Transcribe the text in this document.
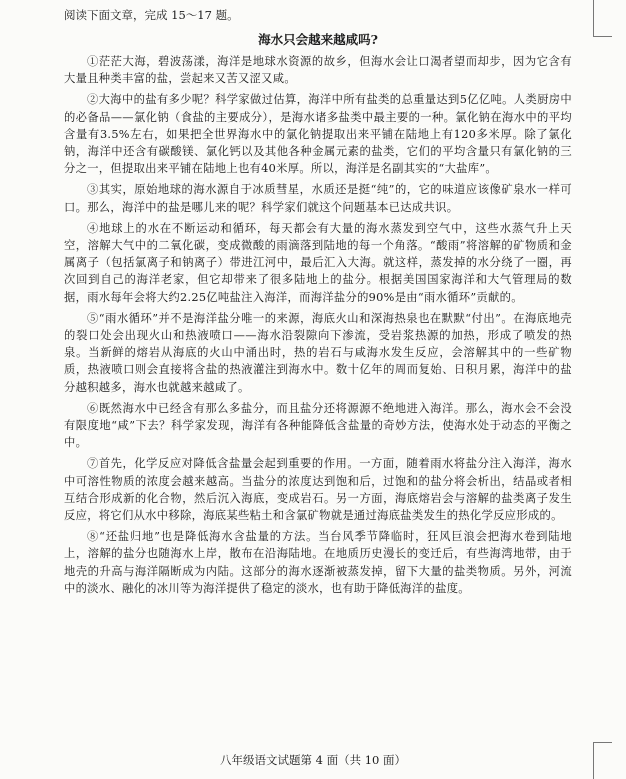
阅读下面文章，完成 15～17 题。

海水只会越来越咸吗?

①茫茫大海，碧波荡漾，海洋是地球水资源的故乡，但海水会让口渴者望而却步，因为它含有大量且种类丰富的盐，尝起来又苦又涩又咸。

②大海中的盐有多少呢？科学家做过估算，海洋中所有盐类的总重量达到5亿亿吨。人类厨房中的必备品——氯化钠（食盐的主要成分），是海水诸多盐类中最主要的一种。氯化钠在海水中的平均含量有3.5%左右，如果把全世界海水中的氯化钠提取出来平铺在陆地上有120多米厚。除了氯化钠，海洋中还含有碳酸镁、氯化钙以及其他各种金属元素的盐类，它们的平均含量只有氯化钠的三分之一，但提取出来平铺在陆地上也有40米厚。所以，海洋是名副其实的“大盐库”。

③其实，原始地球的海水源自于冰质彗星，水质还是挺“纯”的，它的味道应该像矿泉水一样可口。那么，海洋中的盐是哪儿来的呢？科学家们就这个问题基本已达成共识。

④地球上的水在不断运动和循环，每天都会有大量的海水蒸发到空气中，这些水蒸气升上天空，溶解大气中的二氧化碳，变成微酸的雨滴落到陆地的每一个角落。“酸雨”将溶解的矿物质和金属离子（包括氯离子和钠离子）带进江河中，最后汇入大海。就这样，蒸发掉的水分绕了一圈，再次回到自己的海洋老家，但它却带来了很多陆地上的盐分。根据美国国家海洋和大气管理局的数据，雨水每年会将大约2.25亿吨盐注入海洋，而海洋盐分的90%是由“雨水循环”贡献的。

⑤“雨水循环”并不是海洋盐分唯一的来源，海底火山和深海热泉也在默默“付出”。在海底地壳的裂口处会出现火山和热液喷口——海水沿裂隙向下渗流，受岩浆热源的加热，形成了喷发的热泉。当新鲜的熔岩从海底的火山中涌出时，热的岩石与咸海水发生反应，会溶解其中的一些矿物质，热液喷口则会直接将含盐的热液灌注到海水中。数十亿年的周而复始、日积月累，海洋中的盐分越积越多，海水也就越来越咸了。

⑥既然海水中已经含有那么多盐分，而且盐分还将源源不绝地进入海洋。那么，海水会不会没有限度地“咸”下去？科学家发现，海洋有各种能降低含盐量的奇妙方法，使海水处于动态的平衡之中。

⑦首先，化学反应对降低含盐量会起到重要的作用。一方面，随着雨水将盐分注入海洋，海水中可溶性物质的浓度会越来越高。当盐分的浓度达到饱和后，过饱和的盐分将会析出，结晶或者相互结合形成新的化合物，然后沉入海底，变成岩石。另一方面，海底熔岩会与溶解的盐类离子发生反应，将它们从水中移除，海底某些粘土和含氯矿物就是通过海底盐类发生的热化学反应形成的。

⑧“还盐归地”也是降低海水含盐量的方法。当台风季节降临时，狂风巨浪会把海水卷到陆地上，溶解的盐分也随海水上岸，散布在沿海陆地。在地质历史漫长的变迁后，有些海湾地带，由于地壳的升高与海洋隔断成为内陆。这部分的海水逐渐被蒸发掉，留下大量的盐类物质。另外，河流中的淡水、融化的冰川等为海洋提供了稳定的淡水，也有助于降低海洋的盐度。

八年级语文试题第 4 面（共 10 面）
